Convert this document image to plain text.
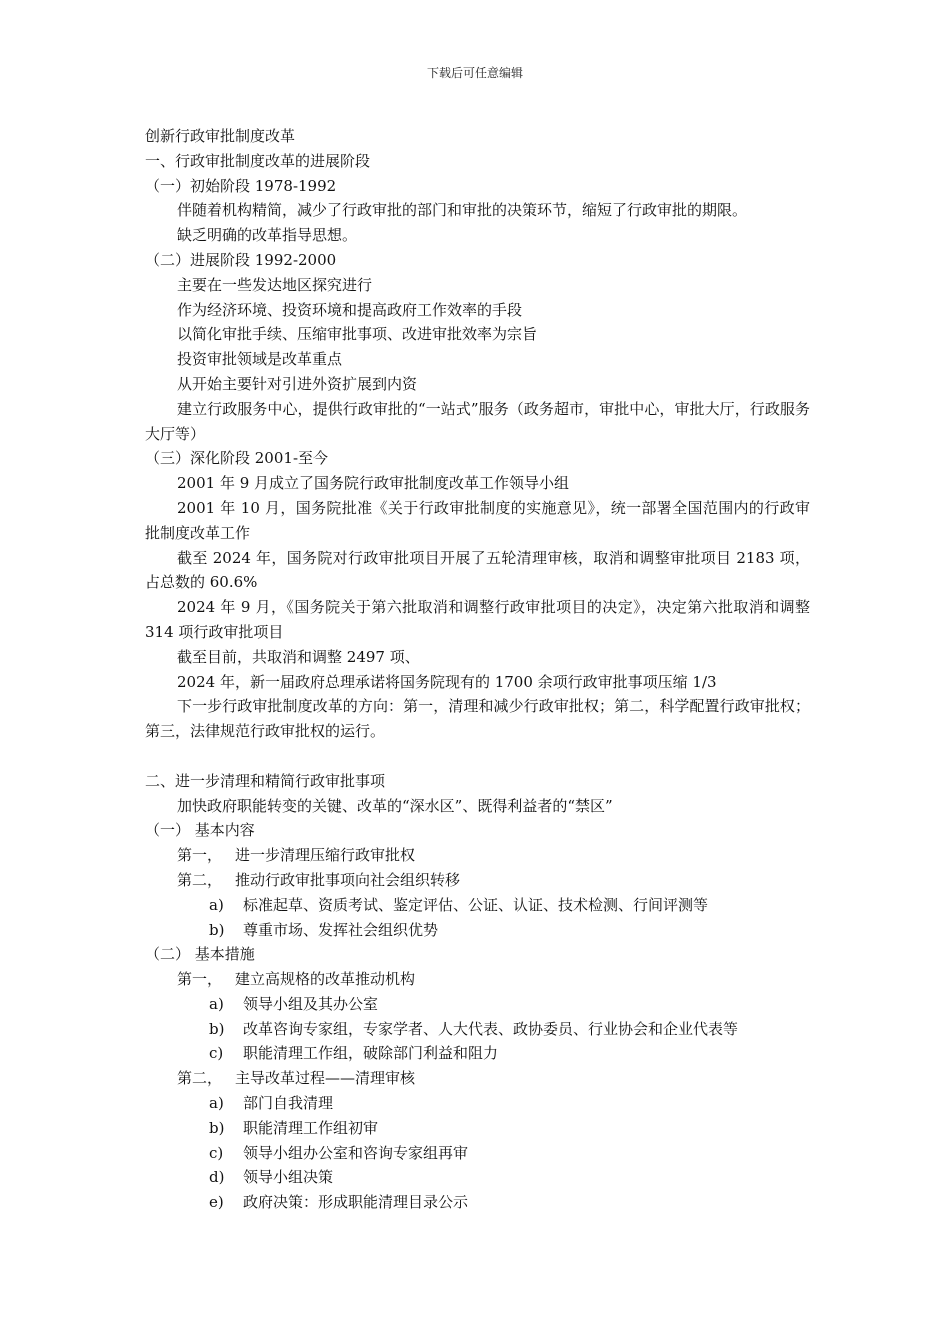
下载后可任意编辑
创新行政审批制度改革
一、行政审批制度改革的进展阶段
（一）初始阶段 1978-1992
伴随着机构精简，减少了行政审批的部门和审批的决策环节，缩短了行政审批的期限。
缺乏明确的改革指导思想。
（二）进展阶段 1992-2000
主要在一些发达地区探究进行
作为经济环境、投资环境和提高政府工作效率的手段
以简化审批手续、压缩审批事项、改进审批效率为宗旨
投资审批领域是改革重点
从开始主要针对引进外资扩展到内资
建立行政服务中心，提供行政审批的“一站式”服务（政务超市，审批中心，审批大厅，行政服务大厅等）
（三）深化阶段 2001-至今
2001 年 9 月成立了国务院行政审批制度改革工作领导小组
2001 年 10 月，国务院批准《关于行政审批制度的实施意见》，统一部署全国范围内的行政审批制度改革工作
截至 2024 年，国务院对行政审批项目开展了五轮清理审核，取消和调整审批项目 2183 项，占总数的 60.6%
2024 年 9 月，《国务院关于第六批取消和调整行政审批项目的决定》，决定第六批取消和调整 314 项行政审批项目
截至目前，共取消和调整 2497 项、
2024 年，新一届政府总理承诺将国务院现有的 1700 余项行政审批事项压缩 1/3
下一步行政审批制度改革的方向：第一，清理和减少行政审批权；第二，科学配置行政审批权；第三，法律规范行政审批权的运行。
二、进一步清理和精简行政审批事项
加快政府职能转变的关键、改革的“深水区”、既得利益者的“禁区”
（一） 基本内容
第一， 进一步清理压缩行政审批权
第二， 推动行政审批事项向社会组织转移
a) 标准起草、资质考试、鉴定评估、公证、认证、技术检测、行间评测等
b) 尊重市场、发挥社会组织优势
（二） 基本措施
第一， 建立高规格的改革推动机构
a) 领导小组及其办公室
b) 改革咨询专家组，专家学者、人大代表、政协委员、行业协会和企业代表等
c) 职能清理工作组，破除部门利益和阻力
第二， 主导改革过程——清理审核
a) 部门自我清理
b) 职能清理工作组初审
c) 领导小组办公室和咨询专家组再审
d) 领导小组决策
e) 政府决策：形成职能清理目录公示
